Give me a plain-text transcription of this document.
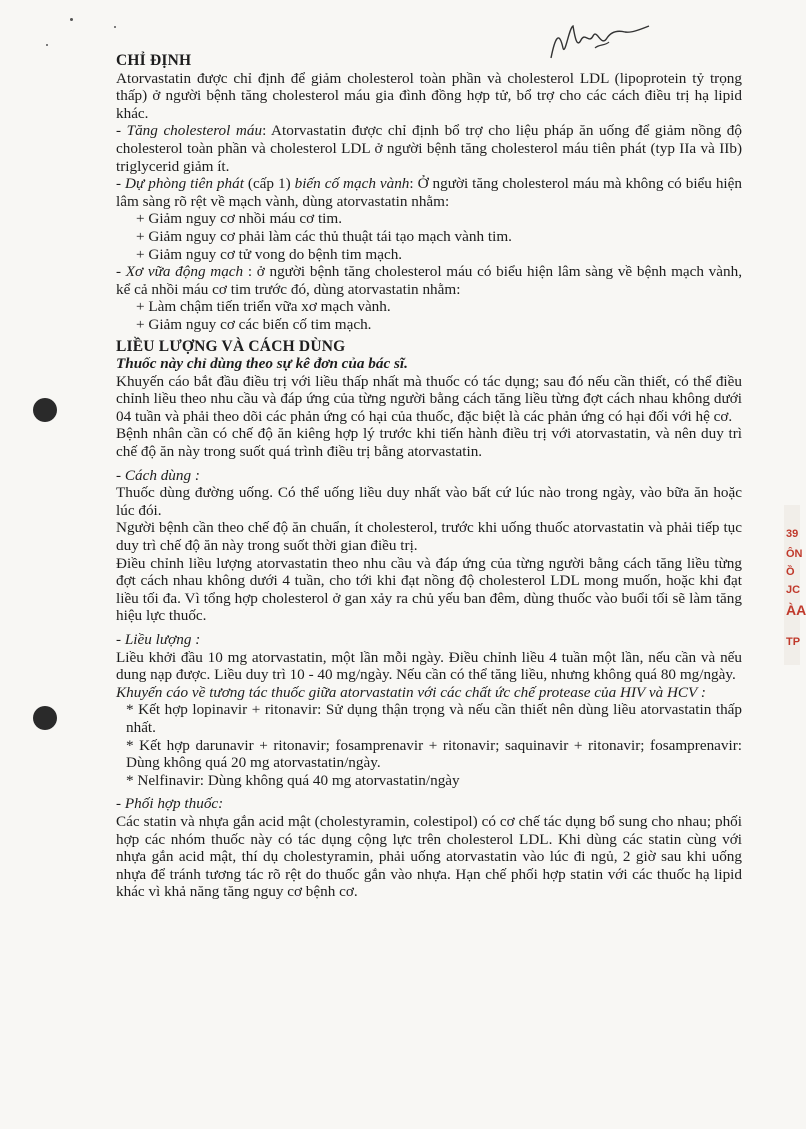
39
ÔN
Ồ
JC
ÀA
TP

CHỈ ĐỊNH

Atorvastatin được chỉ định để giảm cholesterol toàn phần và cholesterol LDL (lipoprotein tỷ trọng thấp) ở người bệnh tăng cholesterol máu gia đình đồng hợp tử, bổ trợ cho các cách điều trị hạ lipid khác.

- Tăng cholesterol máu: Atorvastatin được chỉ định bổ trợ cho liệu pháp ăn uống để giảm nồng độ cholesterol toàn phần và cholesterol LDL ở người bệnh tăng cholesterol máu tiên phát (typ IIa và IIb) triglycerid giảm ít.

- Dự phòng tiên phát (cấp 1) biến cố mạch vành: Ở người tăng cholesterol máu mà không có biểu hiện lâm sàng rõ rệt về mạch vành, dùng atorvastatin nhằm:

+ Giảm nguy cơ nhồi máu cơ tim.

+ Giảm nguy cơ phải làm các thủ thuật tái tạo mạch vành tim.

+ Giảm nguy cơ tử vong do bệnh tim mạch.

- Xơ vữa động mạch : ở người bệnh tăng cholesterol máu có biểu hiện lâm sàng về bệnh mạch vành, kể cả nhồi máu cơ tim trước đó, dùng atorvastatin nhằm:

+ Làm chậm tiến triển vữa xơ mạch vành.

+ Giảm nguy cơ các biến cố tim mạch.

LIỀU LƯỢNG VÀ CÁCH DÙNG

Thuốc này chỉ dùng theo sự kê đơn của bác sĩ.

Khuyến cáo bắt đầu điều trị với liều thấp nhất mà thuốc có tác dụng; sau đó nếu cần thiết, có thể điều chỉnh liều theo nhu cầu và đáp ứng của từng người bằng cách tăng liều từng đợt cách nhau không dưới 04 tuần và phải theo dõi các phản ứng có hại của thuốc, đặc biệt là các phản ứng có hại đối với hệ cơ.

Bệnh nhân cần có chế độ ăn kiêng hợp lý trước khi tiến hành điều trị với atorvastatin, và nên duy trì chế độ ăn này trong suốt quá trình điều trị bằng atorvastatin.

- Cách dùng :

Thuốc dùng đường uống. Có thể uống liều duy nhất vào bất cứ lúc nào trong ngày, vào bữa ăn hoặc lúc đói.

Người bệnh cần theo chế độ ăn chuẩn, ít cholesterol, trước khi uống thuốc atorvastatin và phải tiếp tục duy trì chế độ ăn này trong suốt thời gian điều trị.

Điều chỉnh liều lượng atorvastatin theo nhu cầu và đáp ứng của từng người bằng cách tăng liều từng đợt cách nhau không dưới 4 tuần, cho tới khi đạt nồng độ cholesterol LDL mong muốn, hoặc khi đạt liều tối đa. Vì tổng hợp cholesterol ở gan xảy ra chủ yếu ban đêm, dùng thuốc vào buổi tối sẽ làm tăng hiệu lực thuốc.

- Liều lượng :

Liều khởi đầu 10 mg atorvastatin, một lần mỗi ngày. Điều chỉnh liều 4 tuần một lần, nếu cần và nếu dung nạp được. Liều duy trì 10 - 40 mg/ngày. Nếu cần có thể tăng liều, nhưng không quá 80 mg/ngày.

Khuyến cáo về tương tác thuốc giữa atorvastatin với các chất ức chế protease của HIV và HCV :

* Kết hợp lopinavir + ritonavir: Sử dụng thận trọng và nếu cần thiết nên dùng liều atorvastatin thấp nhất.

* Kết hợp darunavir + ritonavir; fosamprenavir + ritonavir; saquinavir + ritonavir; fosamprenavir: Dùng không quá 20 mg atorvastatin/ngày.

* Nelfinavir: Dùng không quá 40 mg atorvastatin/ngày

- Phối hợp thuốc:

Các statin và nhựa gắn acid mật (cholestyramin, colestipol) có cơ chế tác dụng bổ sung cho nhau; phối hợp các nhóm thuốc này có tác dụng cộng lực trên cholesterol LDL. Khi dùng các statin cùng với nhựa gắn acid mật, thí dụ cholestyramin, phải uống atorvastatin vào lúc đi ngủ, 2 giờ sau khi uống nhựa để tránh tương tác rõ rệt do thuốc gắn vào nhựa. Hạn chế phối hợp statin với các thuốc hạ lipid khác vì khả năng tăng nguy cơ bệnh cơ.
